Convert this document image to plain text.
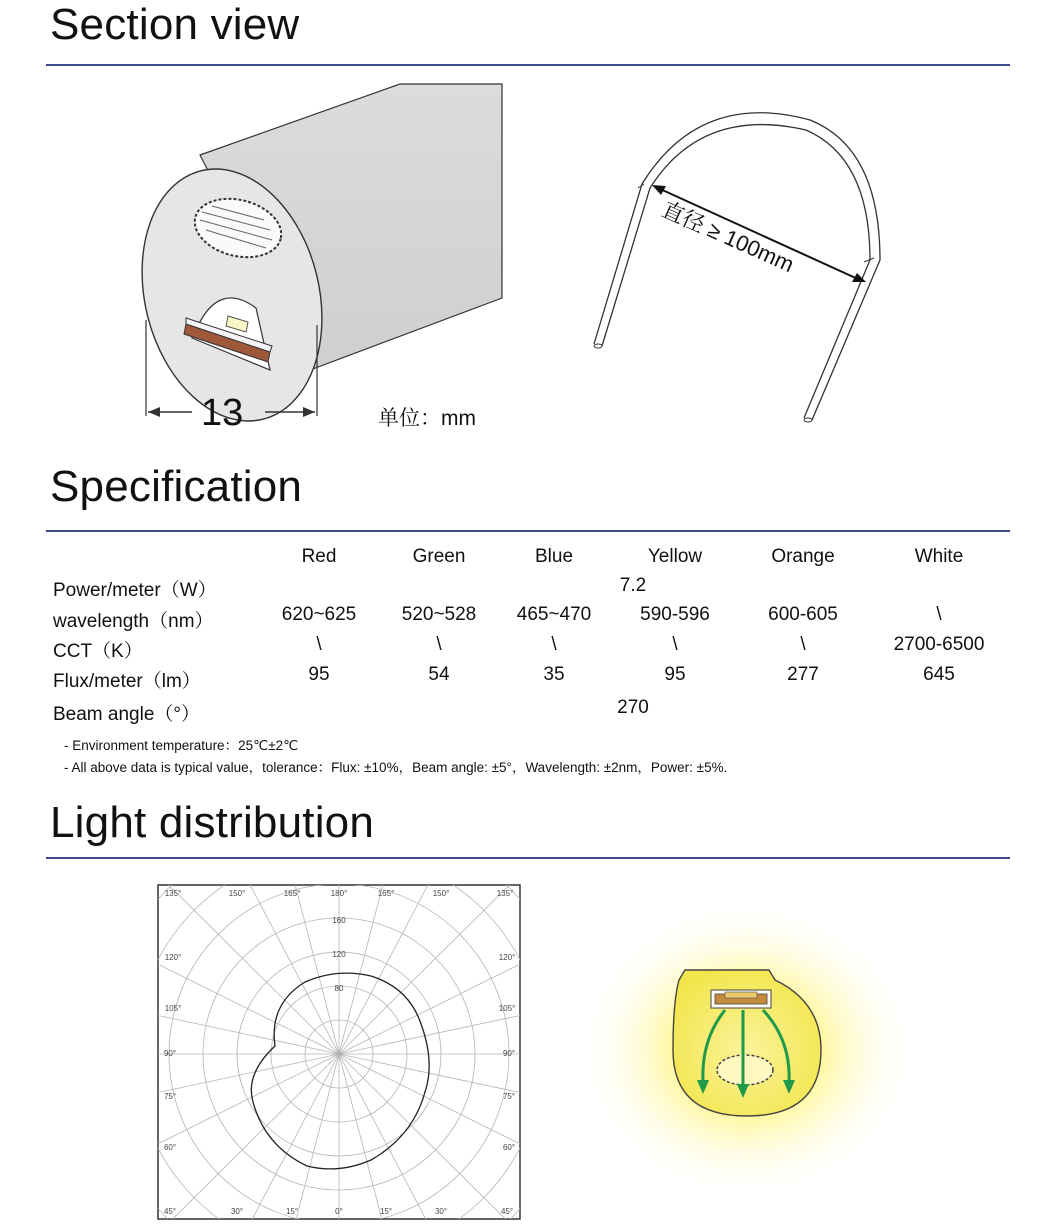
Section view
13	单位：mm
直径 ≥ 100mm
Specification
Red	Green	Blue	Yellow	Orange	White
Power/meter（W）	7.2
wavelength（nm）	620~625	520~528	465~470	590-596	600-605	\
CCT（K）	\	\	\	\	\	2700-6500
Flux/meter（lm）	95	54	35	95	277	645
Beam angle（°）	270
- Environment temperature：25℃±2℃
- All above data is typical value，tolerance：Flux: ±10%，Beam angle: ±5°，Wavelength: ±2nm，Power: ±5%.
Light distribution
135°	150°	165°	180°	165°	150°	135°
120°
105°
90°
75°
60°
120°
105°
90°
75°
60°
45°	30°	15°	0°	15°	30°	45°
160
120
80
